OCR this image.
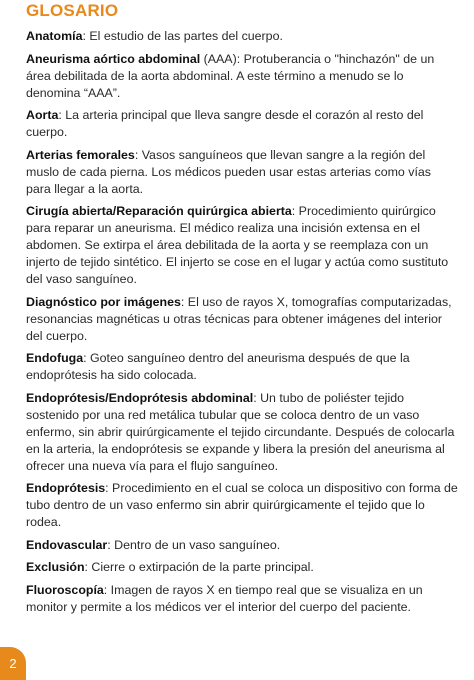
GLOSARIO

Anatomía: El estudio de las partes del cuerpo.

Aneurisma aórtico abdominal (AAA): Protuberancia o "hinchazón" de un área debilitada de la aorta abdominal. A este término a menudo se lo denomina “AAA”.

Aorta: La arteria principal que lleva sangre desde el corazón al resto del cuerpo.

Arterias femorales: Vasos sanguíneos que llevan sangre a la región del muslo de cada pierna. Los médicos pueden usar estas arterias como vías para llegar a la aorta.

Cirugía abierta/Reparación quirúrgica abierta: Procedimiento quirúrgico para reparar un aneurisma. El médico realiza una incisión extensa en el abdomen. Se extirpa el área debilitada de la aorta y se reemplaza con un injerto de tejido sintético. El injerto se cose en el lugar y actúa como sustituto del vaso sanguíneo.

Diagnóstico por imágenes: El uso de rayos X, tomografías computarizadas, resonancias magnéticas u otras técnicas para obtener imágenes del interior del cuerpo.

Endofuga: Goteo sanguíneo dentro del aneurisma después de que la endoprótesis ha sido colocada.

Endoprótesis/Endoprótesis abdominal: Un tubo de poliéster tejido sostenido por una red metálica tubular que se coloca dentro de un vaso enfermo, sin abrir quirúrgicamente el tejido circundante. Después de colocarla en la arteria, la endoprótesis se expande y libera la presión del aneurisma al ofrecer una nueva vía para el flujo sanguíneo.

Endoprótesis: Procedimiento en el cual se coloca un dispositivo con forma de tubo dentro de un vaso enfermo sin abrir quirúrgicamente el tejido que lo rodea.

Endovascular: Dentro de un vaso sanguíneo.

Exclusión: Cierre o extirpación de la parte principal.

Fluoroscopía: Imagen de rayos X en tiempo real que se visualiza en un monitor y permite a los médicos ver el interior del cuerpo del paciente.

2
